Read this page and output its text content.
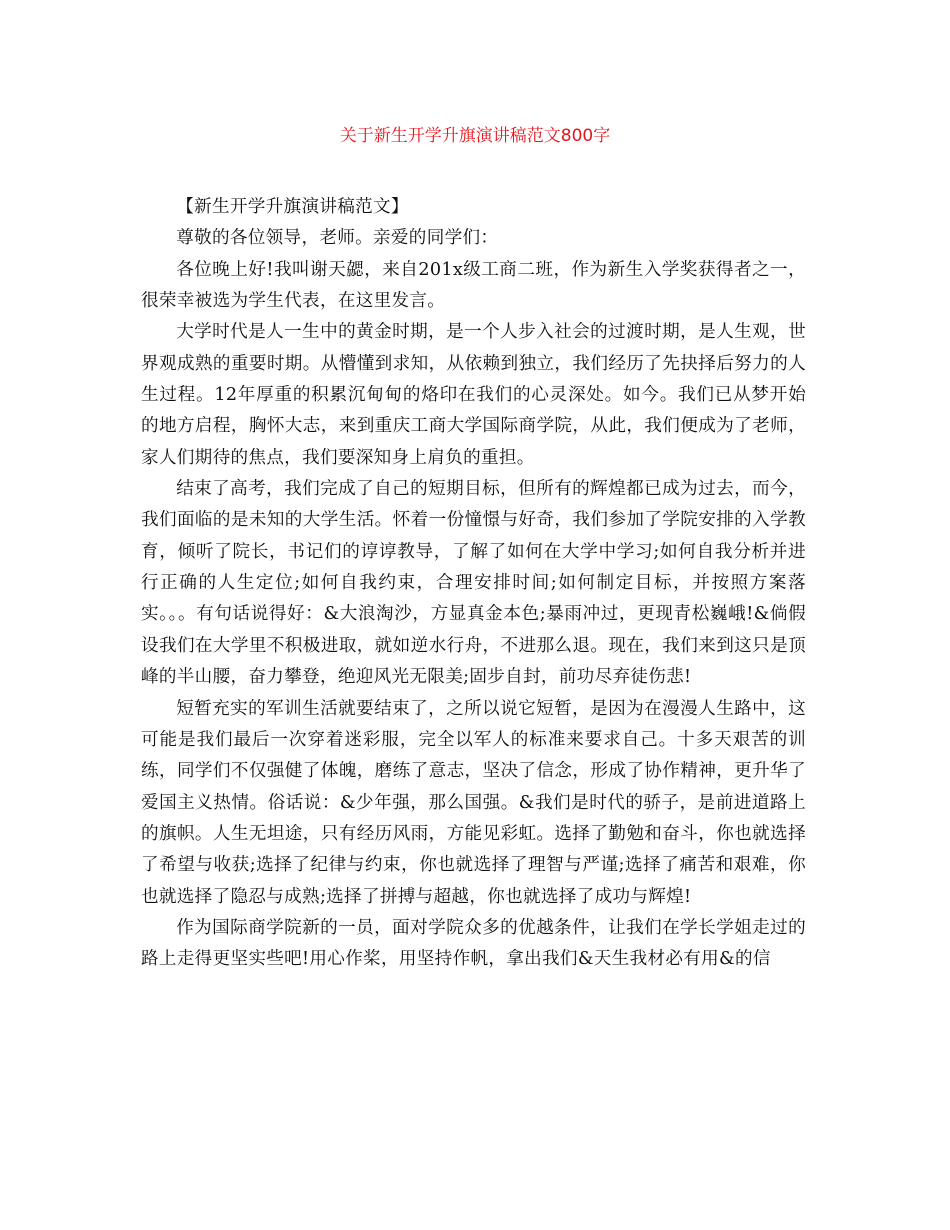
关于新生开学升旗演讲稿范文800字

【新生开学升旗演讲稿范文】

尊敬的各位领导，老师。亲爱的同学们：

各位晚上好!我叫谢天勰，来自201x级工商二班，作为新生入学奖获得者之一，很荣幸被选为学生代表，在这里发言。

大学时代是人一生中的黄金时期，是一个人步入社会的过渡时期，是人生观，世界观成熟的重要时期。从懵懂到求知，从依赖到独立，我们经历了先抉择后努力的人生过程。12年厚重的积累沉甸甸的烙印在我们的心灵深处。如今。我们已从梦开始的地方启程，胸怀大志，来到重庆工商大学国际商学院，从此，我们便成为了老师，家人们期待的焦点，我们要深知身上肩负的重担。

结束了高考，我们完成了自己的短期目标，但所有的辉煌都已成为过去，而今，我们面临的是未知的大学生活。怀着一份憧憬与好奇，我们参加了学院安排的入学教育，倾听了院长，书记们的谆谆教导，了解了如何在大学中学习;如何自我分析并进行正确的人生定位;如何自我约束，合理安排时间;如何制定目标，并按照方案落实。。。有句话说得好：&大浪淘沙，方显真金本色;暴雨冲过，更现青松巍峨!&倘假设我们在大学里不积极进取，就如逆水行舟，不进那么退。现在，我们来到这只是顶峰的半山腰，奋力攀登，绝迎风光无限美;固步自封，前功尽弃徒伤悲!

短暂充实的军训生活就要结束了，之所以说它短暂，是因为在漫漫人生路中，这可能是我们最后一次穿着迷彩服，完全以军人的标准来要求自己。十多天艰苦的训练，同学们不仅强健了体魄，磨练了意志，坚决了信念，形成了协作精神，更升华了爱国主义热情。俗话说：&少年强，那么国强。&我们是时代的骄子，是前进道路上的旗帜。人生无坦途，只有经历风雨，方能见彩虹。选择了勤勉和奋斗，你也就选择了希望与收获;选择了纪律与约束，你也就选择了理智与严谨;选择了痛苦和艰难，你也就选择了隐忍与成熟;选择了拼搏与超越，你也就选择了成功与辉煌!

作为国际商学院新的一员，面对学院众多的优越条件，让我们在学长学姐走过的路上走得更坚实些吧!用心作桨，用坚持作帆，拿出我们&天生我材必有用&的信
